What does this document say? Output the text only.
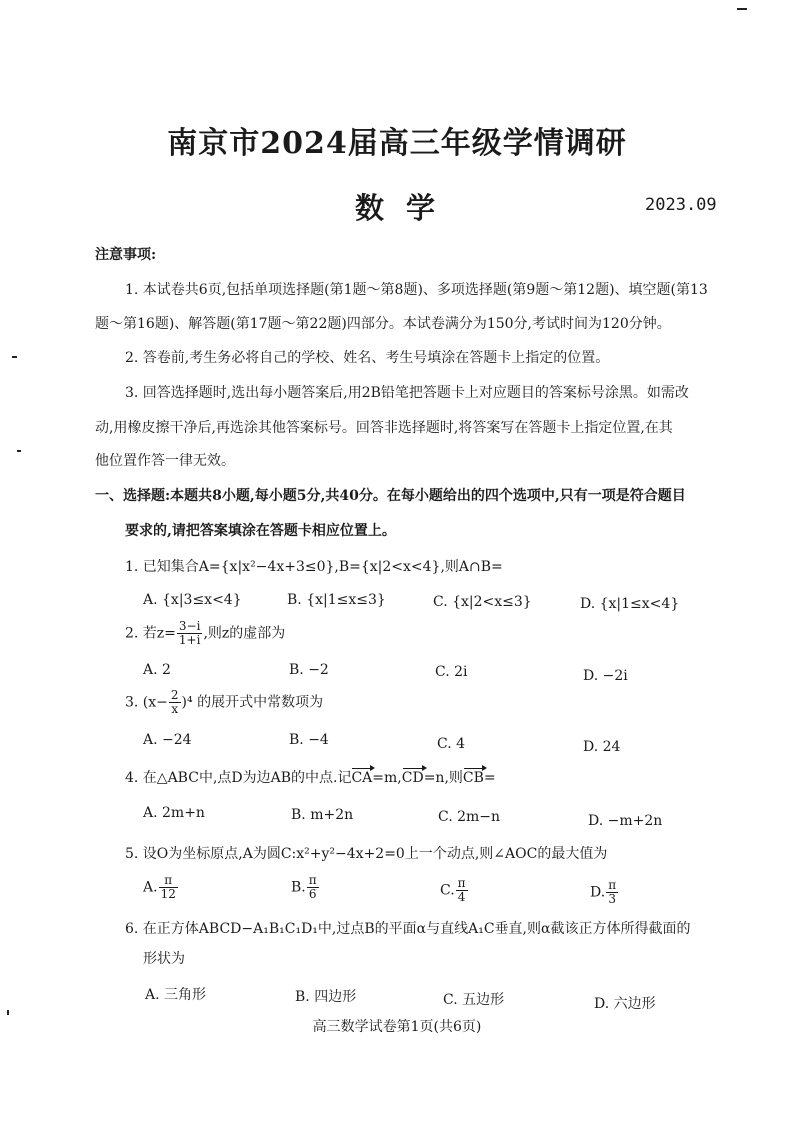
南京市2024届高三年级学情调研
数学	2023.09
注意事项:
1. 本试卷共6页,包括单项选择题(第1题～第8题)、多项选择题(第9题～第12题)、填空题(第13
题～第16题)、解答题(第17题～第22题)四部分。本试卷满分为150分,考试时间为120分钟。
2. 答卷前,考生务必将自己的学校、姓名、考生号填涂在答题卡上指定的位置。
3. 回答选择题时,选出每小题答案后,用2B铅笔把答题卡上对应题目的答案标号涂黑。如需改
动,用橡皮擦干净后,再选涂其他答案标号。回答非选择题时,将答案写在答题卡上指定位置,在其
他位置作答一律无效。
一、选择题:本题共8小题,每小题5分,共40分。在每小题给出的四个选项中,只有一项是符合题目
要求的,请把答案填涂在答题卡相应位置上。
1. 已知集合A={x|x²−4x+3≤0},B={x|2<x<4},则A∩B=
A. {x|3≤x<4}	B. {x|1≤x≤3}	C. {x|2<x≤3}	D. {x|1≤x<4}
2. 若$z= \frac{3-i}{1+i}$ ,则z的虚部为
A. 2	B. −2	C. 2i	D. −2i
3. $(x- \frac{2}{x} )^4$ 的展开式中常数项为
A. −24	B. −4	C. 4	D. 24
4. 在△ABC中,点D为边AB的中点.记CA=m,CD=n,则CB=
A. 2m+n	B. m+2n	C. 2m−n	D. −m+2n
5. 设O为坐标原点,A为圆C:x²+y²−4x+2=0上一个动点,则∠AOC的最大值为
A. $\frac{\pi}{12}$	B. $\frac{\pi}{6}$	C. $\frac{\pi}{4}$	D. $\frac{\pi}{3}$
6. 在正方体ABCD−A₁B₁C₁D₁中,过点B的平面α与直线A₁C垂直,则α截该正方体所得截面的
形状为
A. 三角形	B. 四边形	C. 五边形	D. 六边形
高三数学试卷第1页(共6页)
